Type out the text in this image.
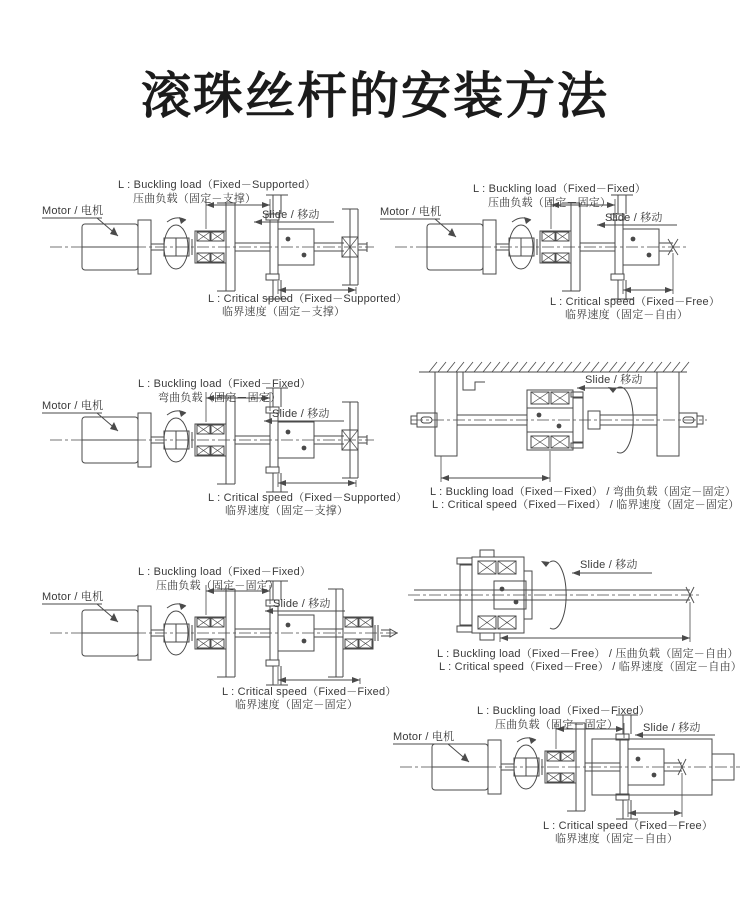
滚珠丝杆的安装方法
L : Buckling load（Fixed－Supported）
压曲负载（固定－支撑）
Motor / 电机	Slide / 移动
L : Critical speed（Fixed－Supported）
临界速度（固定－支撑）
L : Buckling load（Fixed－Fixed）
压曲负载（固定－固定）
Motor / 电机	Slide / 移动
L : Critical speed（Fixed－Free）
临界速度（固定－自由）
L : Buckling load（Fixed－Fixed）
弯曲负载（固定－固定）
Motor / 电机
Slide / 移动
L : Critical speed（Fixed－Supported）
临界速度（固定－支撑）
Slide / 移动
L : Buckling load（Fixed－Fixed） / 弯曲负载（固定－固定）
L : Critical speed（Fixed－Fixed） / 临界速度（固定－固定）
L : Buckling load（Fixed－Fixed）
压曲负载（固定－固定）
Motor / 电机
Slide / 移动
L : Critical speed（Fixed－Fixed）
临界速度（固定－固定）
Slide / 移动
L : Buckling load（Fixed－Free） / 压曲负载（固定－自由）
L : Critical speed（Fixed－Free） / 临界速度（固定－自由）
L : Buckling load（Fixed－Fixed）
压曲负载（固定－固定）
Motor / 电机
Slide / 移动
L : Critical speed（Fixed－Free）
临界速度（固定－自由）
